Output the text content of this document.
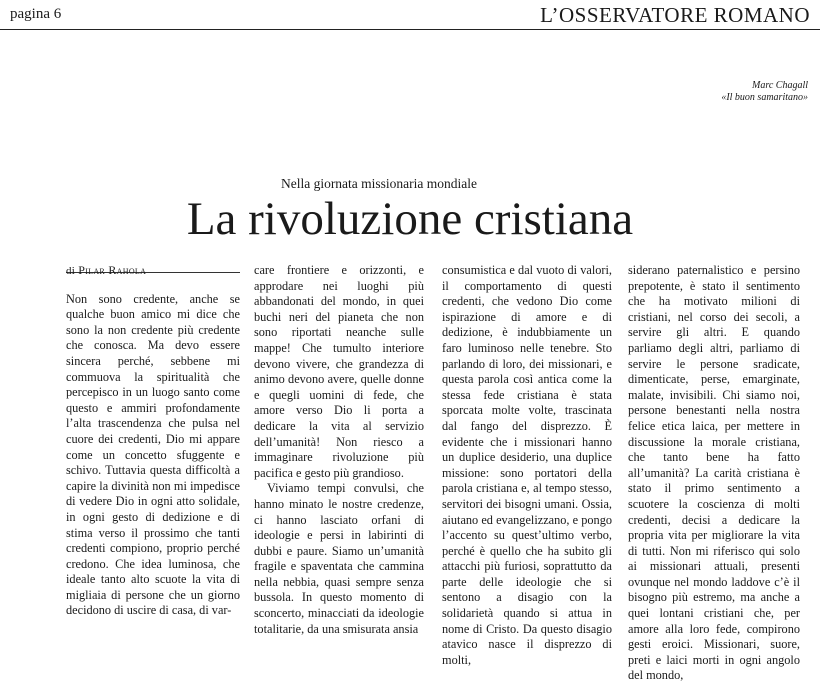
pagina 6	L’OSSERVATORE ROMANO
Marc Chagall
«Il buon samaritano»
Nella giornata missionaria mondiale
La rivoluzione cristiana

di Pilar Rahola

Non sono credente, anche se qualche buon amico mi dice che sono la non credente più credente che conosca. Ma devo essere sincera perché, sebbene mi commuova la spiritualità che percepisco in un luogo santo come questo e ammiri profondamente l’alta trascendenza che pulsa nel cuore dei credenti, Dio mi appare come un concetto sfuggente e schivo. Tuttavia questa difficoltà a capire la divinità non mi impedisce di vedere Dio in ogni atto solidale, in ogni gesto di dedizione e di stima verso il prossimo che tanti credenti compiono, proprio perché credono. Che idea luminosa, che ideale tanto alto scuote la vita di migliaia di persone che un giorno decidono di uscire di casa, di var-

care frontiere e orizzonti, e approdare nei luoghi più abbandonati del mondo, in quei buchi neri del pianeta che non sono riportati neanche sulle mappe! Che tumulto interiore devono vivere, che grandezza di animo devono avere, quelle donne e quegli uomini di fede, che amore verso Dio li porta a dedicare la vita al servizio dell’umanità! Non riesco a immaginare rivoluzione più pacifica e gesto più grandioso.

Viviamo tempi convulsi, che hanno minato le nostre credenze, ci hanno lasciato orfani di ideologie e persi in labirinti di dubbi e paure. Siamo un’umanità fragile e spaventata che cammina nella nebbia, quasi sempre senza bussola. In questo momento di sconcerto, minacciati da ideologie totalitarie, da una smisurata ansia

consumistica e dal vuoto di valori, il comportamento di questi credenti, che vedono Dio come ispirazione di amore e di dedizione, è indubbiamente un faro luminoso nelle tenebre. Sto parlando di loro, dei missionari, e questa parola così antica come la stessa fede cristiana è stata sporcata molte volte, trascinata dal fango del disprezzo. È evidente che i missionari hanno un duplice desiderio, una duplice missione: sono portatori della parola cristiana e, al tempo stesso, servitori dei bisogni umani. Ossia, aiutano ed evangelizzano, e pongo l’accento su quest’ultimo verbo, perché è quello che ha subito gli attacchi più furiosi, soprattutto da parte delle ideologie che si sentono a disagio con la solidarietà quando si attua in nome di Cristo. Da questo disagio atavico nasce il disprezzo di molti,

siderano paternalistico e persino prepotente, è stato il sentimento che ha motivato milioni di cristiani, nel corso dei secoli, a servire gli altri. E quando parliamo degli altri, parliamo di servire le persone sradicate, dimenticate, perse, emarginate, malate, invisibili. Chi siamo noi, persone benestanti nella nostra felice etica laica, per mettere in discussione la morale cristiana, che tanto bene ha fatto all’umanità? La carità cristiana è stato il primo sentimento a scuotere la coscienza di molti credenti, decisi a dedicare la propria vita per migliorare la vita di tutti. Non mi riferisco qui solo ai missionari attuali, presenti ovunque nel mondo laddove c’è il bisogno più estremo, ma anche a quei lontani cristiani che, per amore alla loro fede, compirono gesti eroici. Missionari, suore, preti e laici morti in ogni angolo del mondo,
